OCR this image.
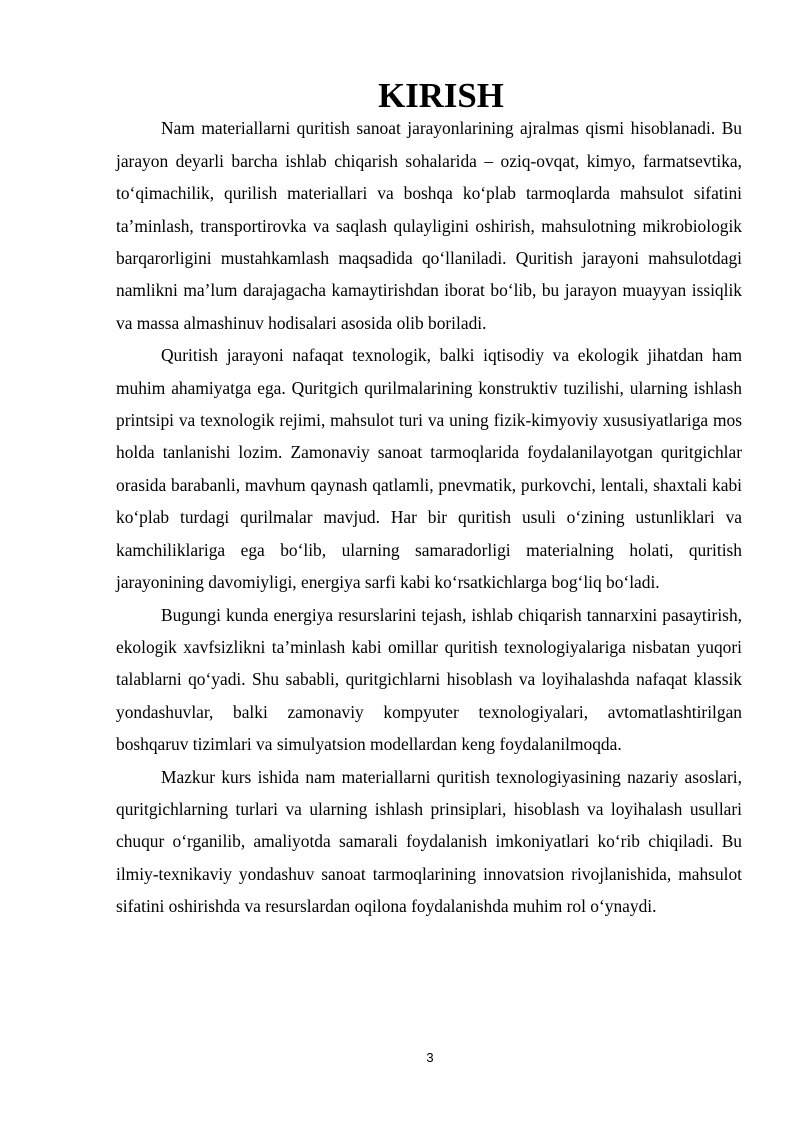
KIRISH

Nam materiallarni quritish sanoat jarayonlarining ajralmas qismi hisoblanadi. Bu jarayon deyarli barcha ishlab chiqarish sohalarida – oziq-ovqat, kimyo, farmatsevtika, to‘qimachilik, qurilish materiallari va boshqa ko‘plab tarmoqlarda mahsulot sifatini ta’minlash, transportirovka va saqlash qulayligini oshirish, mahsulotning mikrobiologik barqarorligini mustahkamlash maqsadida qo‘llaniladi. Quritish jarayoni mahsulotdagi namlikni ma’lum darajagacha kamaytirishdan iborat bo‘lib, bu jarayon muayyan issiqlik va massa almashinuv hodisalari asosida olib boriladi.

Quritish jarayoni nafaqat texnologik, balki iqtisodiy va ekologik jihatdan ham muhim ahamiyatga ega. Quritgich qurilmalarining konstruktiv tuzilishi, ularning ishlash printsipi va texnologik rejimi, mahsulot turi va uning fizik-kimyoviy xususiyatlariga mos holda tanlanishi lozim. Zamonaviy sanoat tarmoqlarida foydalanilayotgan quritgichlar orasida barabanli, mavhum qaynash qatlamli, pnevmatik, purkovchi, lentali, shaxtali kabi ko‘plab turdagi qurilmalar mavjud. Har bir quritish usuli o‘zining ustunliklari va kamchiliklariga ega bo‘lib, ularning samaradorligi materialning holati, quritish jarayonining davomiyligi, energiya sarfi kabi ko‘rsatkichlarga bog‘liq bo‘ladi.

Bugungi kunda energiya resurslarini tejash, ishlab chiqarish tannarxini pasaytirish, ekologik xavfsizlikni ta’minlash kabi omillar quritish texnologiyalariga nisbatan yuqori talablarni qo‘yadi. Shu sababli, quritgichlarni hisoblash va loyihalashda nafaqat klassik yondashuvlar, balki zamonaviy kompyuter texnologiyalari, avtomatlashtirilgan boshqaruv tizimlari va simulyatsion modellardan keng foydalanilmoqda.

Mazkur kurs ishida nam materiallarni quritish texnologiyasining nazariy asoslari, quritgichlarning turlari va ularning ishlash prinsiplari, hisoblash va loyihalash usullari chuqur o‘rganilib, amaliyotda samarali foydalanish imkoniyatlari ko‘rib chiqiladi. Bu ilmiy-texnikaviy yondashuv sanoat tarmoqlarining innovatsion rivojlanishida, mahsulot sifatini oshirishda va resurslardan oqilona foydalanishda muhim rol o‘ynaydi.

3
